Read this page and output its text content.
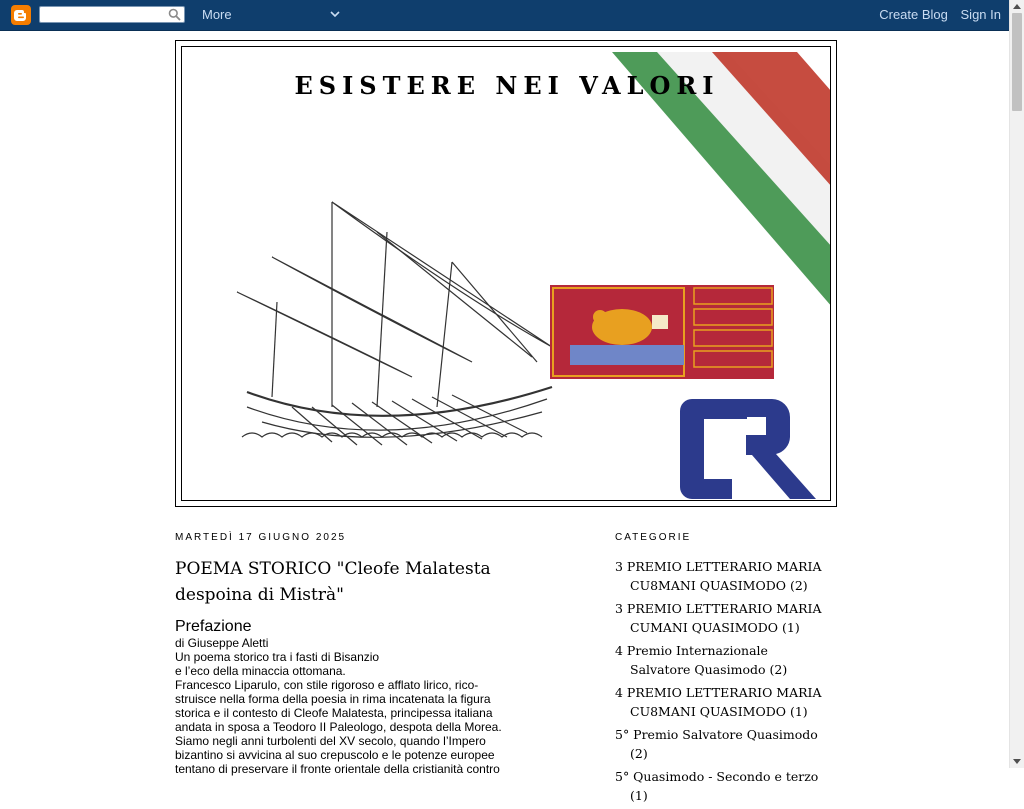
More	Create Blog Sign In
ESISTERE NEI VALORI
MARTEDÌ 17 GIUGNO 2025
POEMA STORICO "Cleofe Malatesta despoina di Mistrà"
Prefazione
di Giuseppe Aletti
Un poema storico tra i fasti di Bisanzio
e l’eco della minaccia ottomana.
Francesco Liparulo, con stile rigoroso e afflato lirico, rico-
struisce nella forma della poesia in rima incatenata la figura
storica e il contesto di Cleofe Malatesta, principessa italiana
andata in sposa a Teodoro II Paleologo, despota della Morea.
Siamo negli anni turbolenti del XV secolo, quando l’Impero
bizantino si avvicina al suo crepuscolo e le potenze europee
tentano di preservare il fronte orientale della cristianità contro
CATEGORIE
3 PREMIO LETTERARIO MARIA CU8MANI QUASIMODO (2)
3 PREMIO LETTERARIO MARIA CUMANI QUASIMODO (1)
4 Premio Internazionale Salvatore Quasimodo (2)
4 PREMIO LETTERARIO MARIA CU8MANI QUASIMODO (1)
5° Premio Salvatore Quasimodo (2)
5° Quasimodo - Secondo e terzo (1)
